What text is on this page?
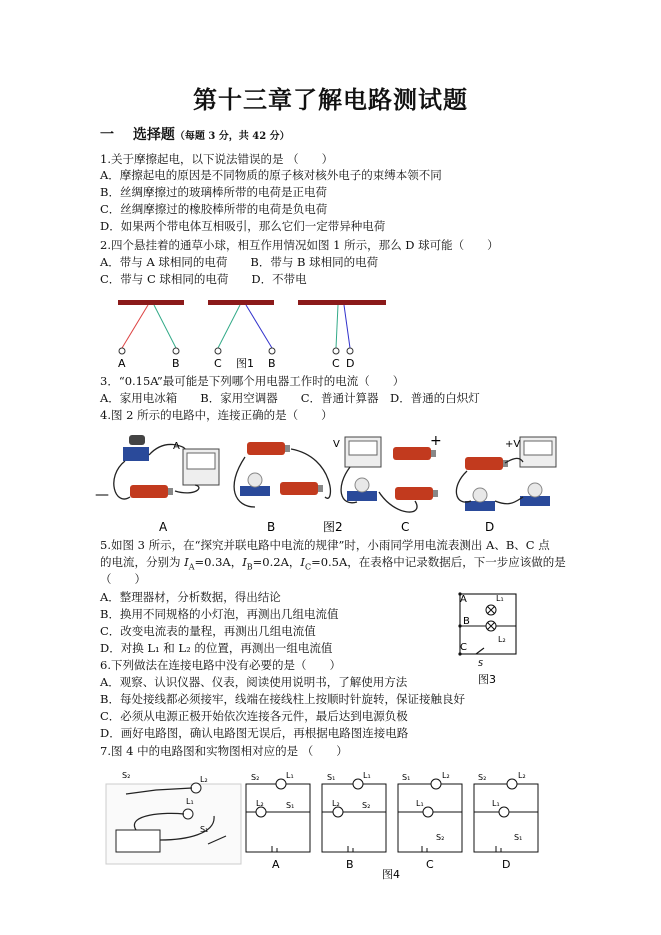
第十三章了解电路测试题
一　 选择题（每题 3 分，共 42 分）
1.关于摩擦起电，以下说法错误的是 （　　）
A．摩擦起电的原因是不同物质的原子核对核外电子的束缚本领不同
B．丝绸摩擦过的玻璃棒所带的电荷是正电荷
C．丝绸摩擦过的橡胶棒所带的电荷是负电荷
D．如果两个带电体互相吸引，那么它们一定带异种电荷
2.四个悬挂着的通草小球，相互作用情况如图 1 所示，那么 D 球可能（　　）
A．带与 A 球相同的电荷　　B．带与 B 球相同的电荷
C．带与 C 球相同的电荷　　D．不带电
A	B	C	B	C D
图1
3．“0.15A”最可能是下列哪个用电器工作时的电流（　　）
A．家用电冰箱　　B．家用空调器　　C．普通计算器　D．普通的白炽灯
4.图 2 所示的电路中，连接正确的是（　　）
A	V	+	+V
—
A	B	图2	C	D
5.如图 3 所示，在“探究并联电路中电流的规律”时，小雨同学用电流表测出 A、B、C 点
的电流，分别为 $I_A=0.3A$，$I_B=0.2A$，$I_C=0.5A$，在表格中记录数据后，下一步应该做的是
（　　）
A．整理器材，分析数据，得出结论
B．换用不同规格的小灯泡，再测出几组电流值
C．改变电流表的量程，再测出几组电流值
D．对换 L₁ 和 L₂ 的位置，再测出一组电流值
A
B
C
S
L₁
L₂
图3
6.下列做法在连接电路中没有必要的是（　　）
A．观察、认识仪器、仪表，阅读使用说明书，了解使用方法
B．每处接线都必须接牢，线端在接线柱上按顺时针旋转，保证接触良好
C．必须从电源正极开始依次连接各元件，最后达到电源负极
D．画好电路图，确认电路图无误后，再根据电路图连接电路
7.图 4 中的电路图和实物图相对应的是 （　　）
S₂	L₂
L₁
S₁
S₂	L₁
L₂	S₁
S₁	L₁
L₂	S₂
S₁	L₂
L₁
S₂
S₂	L₂
L₁
S₁
A	B	C	D
图4
